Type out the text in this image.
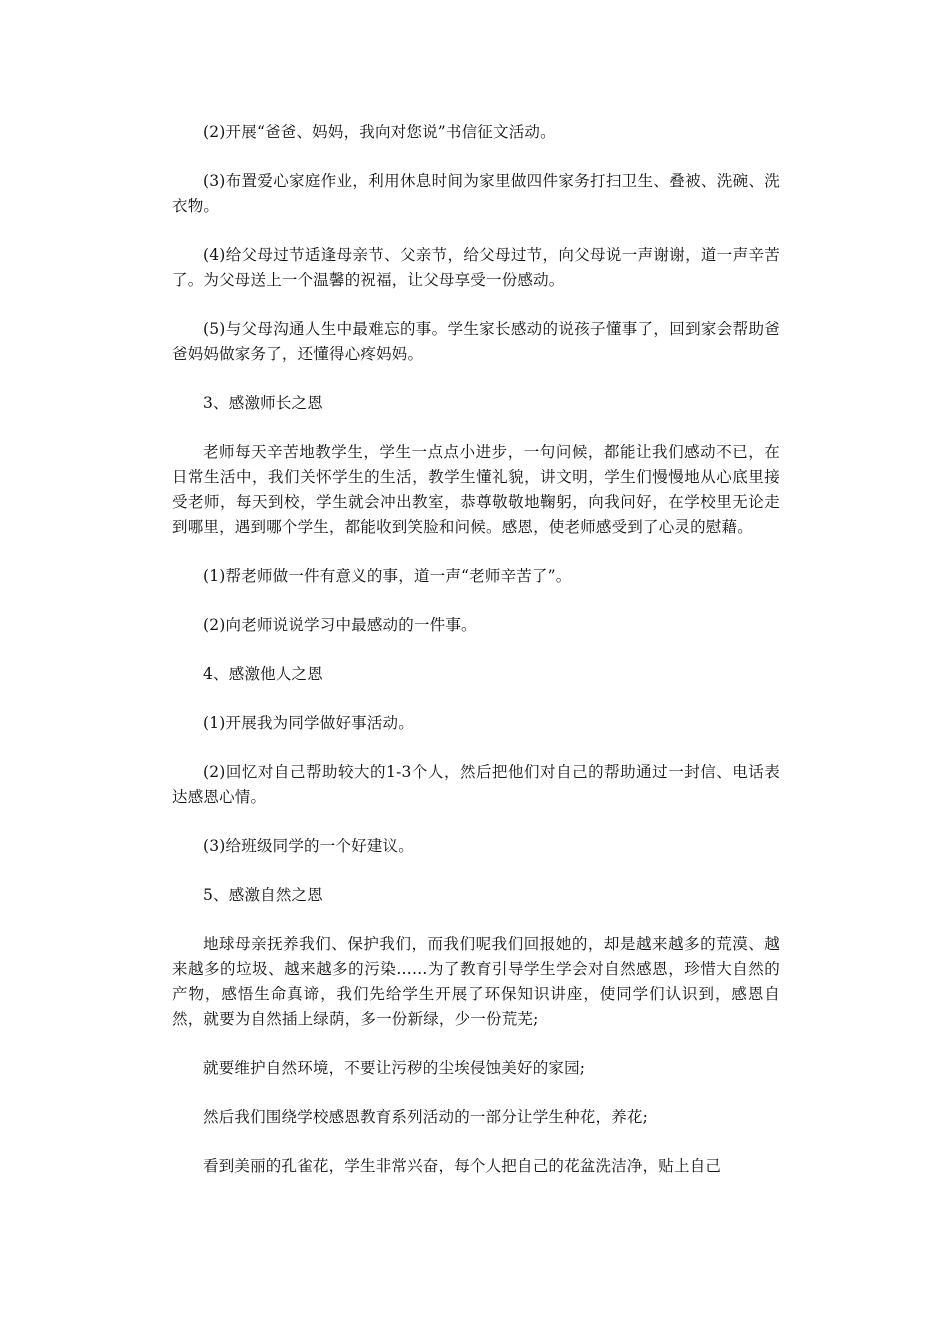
(2)开展“爸爸、妈妈，我向对您说”书信征文活动。

(3)布置爱心家庭作业，利用休息时间为家里做四件家务打扫卫生、叠被、洗碗、洗衣物。

(4)给父母过节适逢母亲节、父亲节，给父母过节，向父母说一声谢谢，道一声辛苦了。为父母送上一个温馨的祝福，让父母享受一份感动。

(5)与父母沟通人生中最难忘的事。学生家长感动的说孩子懂事了，回到家会帮助爸爸妈妈做家务了，还懂得心疼妈妈。

3、感激师长之恩

老师每天辛苦地教学生，学生一点点小进步，一句问候，都能让我们感动不已，在日常生活中，我们关怀学生的生活，教学生懂礼貌，讲文明，学生们慢慢地从心底里接受老师，每天到校，学生就会冲出教室，恭尊敬敬地鞠躬，向我问好，在学校里无论走到哪里，遇到哪个学生，都能收到笑脸和问候。感恩，使老师感受到了心灵的慰藉。

(1)帮老师做一件有意义的事，道一声“老师辛苦了”。

(2)向老师说说学习中最感动的一件事。

4、感激他人之恩

(1)开展我为同学做好事活动。

(2)回忆对自己帮助较大的1-3个人，然后把他们对自己的帮助通过一封信、电话表达感恩心情。

(3)给班级同学的一个好建议。

5、感激自然之恩

地球母亲抚养我们、保护我们，而我们呢我们回报她的，却是越来越多的荒漠、越来越多的垃圾、越来越多的污染……为了教育引导学生学会对自然感恩，珍惜大自然的产物，感悟生命真谛，我们先给学生开展了环保知识讲座，使同学们认识到，感恩自然，就要为自然插上绿荫，多一份新绿，少一份荒芜;

就要维护自然环境，不要让污秽的尘埃侵蚀美好的家园;

然后我们围绕学校感恩教育系列活动的一部分让学生种花，养花;

看到美丽的孔雀花，学生非常兴奋，每个人把自己的花盆洗洁净，贴上自己
